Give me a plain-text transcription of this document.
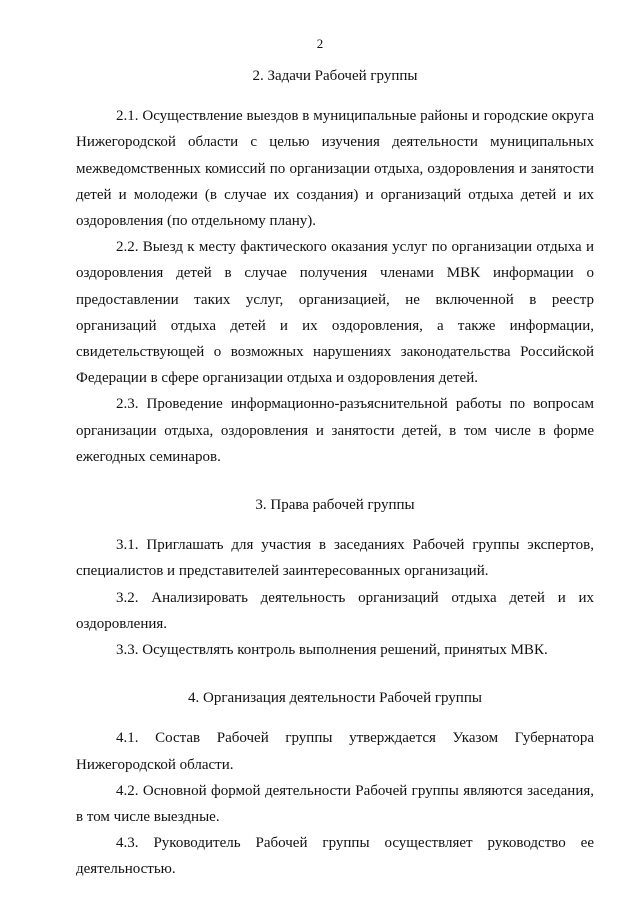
2

2. Задачи Рабочей группы

2.1. Осуществление выездов в муниципальные районы и городские округа Нижегородской области с целью изучения деятельности муниципальных межведомственных комиссий по организации отдыха, оздоровления и занятости детей и молодежи (в случае их создания) и организаций отдыха детей и их оздоровления (по отдельному плану).

2.2. Выезд к месту фактического оказания услуг по организации отдыха и оздоровления детей в случае получения членами МВК информации о предоставлении таких услуг, организацией, не включенной в реестр организаций отдыха детей и их оздоровления, а также информации, свидетельствующей о возможных нарушениях законодательства Российской Федерации в сфере организации отдыха и оздоровления детей.

2.3. Проведение информационно-разъяснительной работы по вопросам организации отдыха, оздоровления и занятости детей, в том числе в форме ежегодных семинаров.

3. Права рабочей группы

3.1. Приглашать для участия в заседаниях Рабочей группы экспертов, специалистов и представителей заинтересованных организаций.

3.2. Анализировать деятельность организаций отдыха детей и их оздоровления.

3.3. Осуществлять контроль выполнения решений, принятых МВК.

4. Организация деятельности Рабочей группы

4.1. Состав Рабочей группы утверждается Указом Губернатора Нижегородской области.

4.2. Основной формой деятельности Рабочей группы являются заседания, в том числе выездные.

4.3. Руководитель Рабочей группы осуществляет руководство ее деятельностью.
